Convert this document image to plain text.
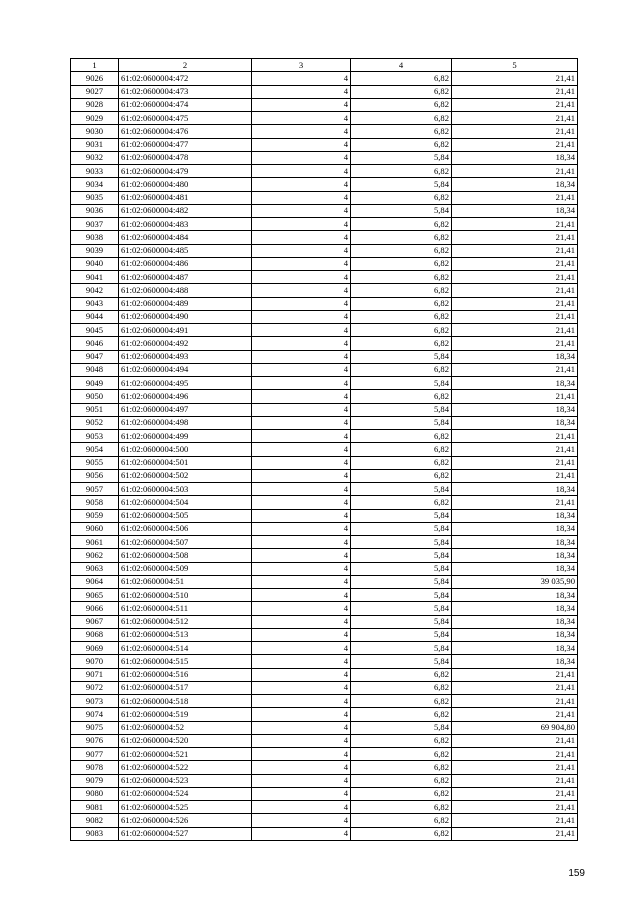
1	2	3	4	5
9026	61:02:0600004:472	4	6,82	21,41
9027	61:02:0600004:473	4	6,82	21,41
9028	61:02:0600004:474	4	6,82	21,41
9029	61:02:0600004:475	4	6,82	21,41
9030	61:02:0600004:476	4	6,82	21,41
9031	61:02:0600004:477	4	6,82	21,41
9032	61:02:0600004:478	4	5,84	18,34
9033	61:02:0600004:479	4	6,82	21,41
9034	61:02:0600004:480	4	5,84	18,34
9035	61:02:0600004:481	4	6,82	21,41
9036	61:02:0600004:482	4	5,84	18,34
9037	61:02:0600004:483	4	6,82	21,41
9038	61:02:0600004:484	4	6,82	21,41
9039	61:02:0600004:485	4	6,82	21,41
9040	61:02:0600004:486	4	6,82	21,41
9041	61:02:0600004:487	4	6,82	21,41
9042	61:02:0600004:488	4	6,82	21,41
9043	61:02:0600004:489	4	6,82	21,41
9044	61:02:0600004:490	4	6,82	21,41
9045	61:02:0600004:491	4	6,82	21,41
9046	61:02:0600004:492	4	6,82	21,41
9047	61:02:0600004:493	4	5,84	18,34
9048	61:02:0600004:494	4	6,82	21,41
9049	61:02:0600004:495	4	5,84	18,34
9050	61:02:0600004:496	4	6,82	21,41
9051	61:02:0600004:497	4	5,84	18,34
9052	61:02:0600004:498	4	5,84	18,34
9053	61:02:0600004:499	4	6,82	21,41
9054	61:02:0600004:500	4	6,82	21,41
9055	61:02:0600004:501	4	6,82	21,41
9056	61:02:0600004:502	4	6,82	21,41
9057	61:02:0600004:503	4	5,84	18,34
9058	61:02:0600004:504	4	6,82	21,41
9059	61:02:0600004:505	4	5,84	18,34
9060	61:02:0600004:506	4	5,84	18,34
9061	61:02:0600004:507	4	5,84	18,34
9062	61:02:0600004:508	4	5,84	18,34
9063	61:02:0600004:509	4	5,84	18,34
9064	61:02:0600004:51	4	5,84	39 035,90
9065	61:02:0600004:510	4	5,84	18,34
9066	61:02:0600004:511	4	5,84	18,34
9067	61:02:0600004:512	4	5,84	18,34
9068	61:02:0600004:513	4	5,84	18,34
9069	61:02:0600004:514	4	5,84	18,34
9070	61:02:0600004:515	4	5,84	18,34
9071	61:02:0600004:516	4	6,82	21,41
9072	61:02:0600004:517	4	6,82	21,41
9073	61:02:0600004:518	4	6,82	21,41
9074	61:02:0600004:519	4	6,82	21,41
9075	61:02:0600004:52	4	5,84	69 904,80
9076	61:02:0600004:520	4	6,82	21,41
9077	61:02:0600004:521	4	6,82	21,41
9078	61:02:0600004:522	4	6,82	21,41
9079	61:02:0600004:523	4	6,82	21,41
9080	61:02:0600004:524	4	6,82	21,41
9081	61:02:0600004:525	4	6,82	21,41
9082	61:02:0600004:526	4	6,82	21,41
9083	61:02:0600004:527	4	6,82	21,41
159
